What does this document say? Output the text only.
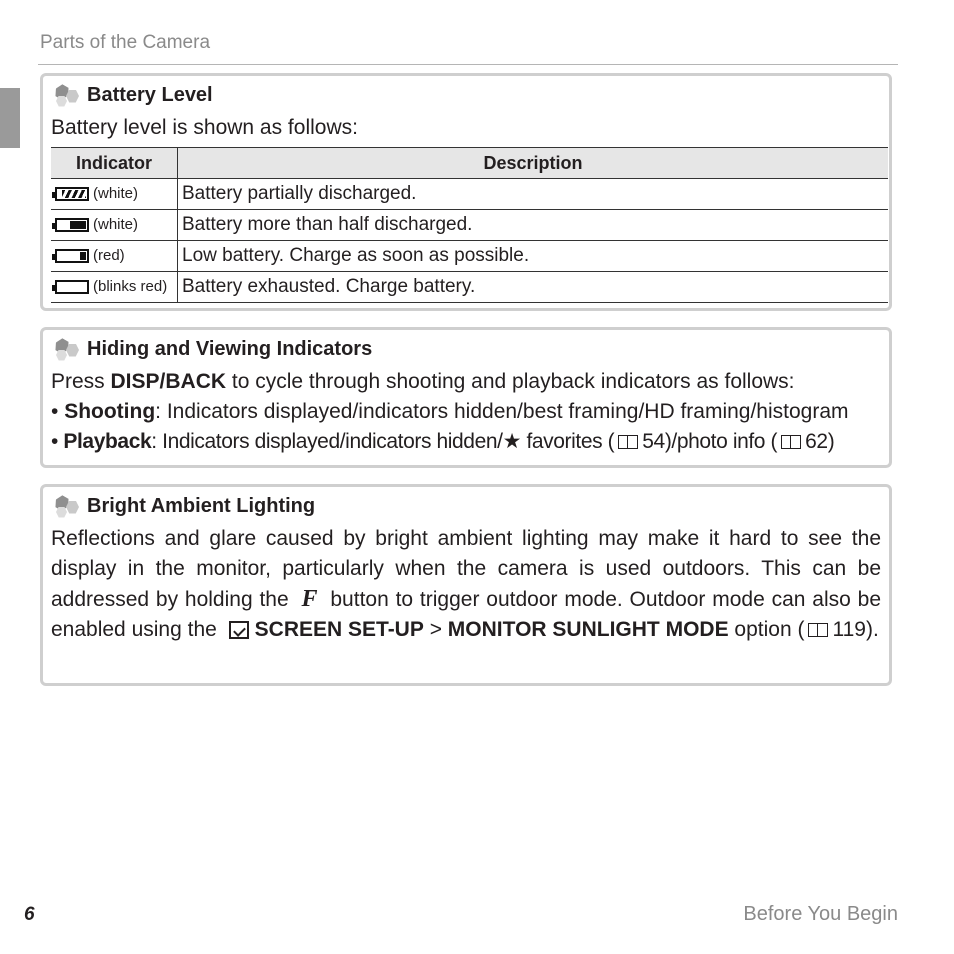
Parts of the Camera
Battery Level
Battery level is shown as follows:
Indicator	Description

(white)	Battery partially discharged.

(white)	Battery more than half discharged.

(red)	Low battery. Charge as soon as possible.

(blinks red)	Battery exhausted. Charge battery.
Hiding and Viewing Indicators
Press DISP/BACK to cycle through shooting and playback indicators as follows:
• Shooting: Indicators displayed/indicators hidden/best framing/HD framing/histogram
• Playback: Indicators displayed/indicators hidden/★ favorites ( 54)/photo info ( 62)
Bright Ambient Lighting
Reflections and glare caused by bright ambient lighting may make it hard to see the display in the monitor, particularly when the camera is used outdoors. This can be addressed by holding the F button to trigger outdoor mode. Outdoor mode can also be enabled using the SCREEN SET-UP > MONITOR SUNLIGHT MODE option ( 119).
6	Before You Begin
